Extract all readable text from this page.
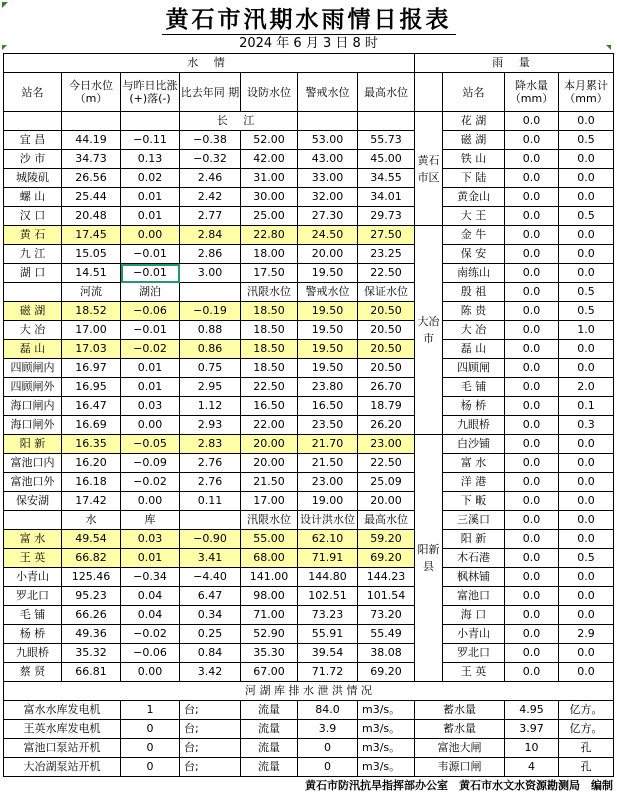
黄石市汛期水雨情日报表
2024 年 6 月 3 日 8 时
水 情							雨 量			
站名	今日水位（m）	与昨日比涨(+)落(-)	比去年同 期	设防水位	警戒水位	最高水位		站名	降水量（mm）	本月累计（mm）
			长 江				黄石市区	花 湖	0.0	0.0
宜 昌	44.19	−0.11	−0.38	52.00	53.00	55.73		磁 湖	0.0	0.5
沙 市	34.73	0.13	−0.32	42.00	43.00	45.00		铁 山	0.0	0.0
城陵矶	26.56	0.02	2.46	31.00	33.00	34.55		下 陆	0.0	0.0
螺 山	25.44	0.01	2.42	30.00	32.00	34.01		黄金山	0.0	0.0
汉 口	20.48	0.01	2.77	25.00	27.30	29.73		大 王	0.0	0.5
黄 石	17.45	0.00	2.84	22.80	24.50	27.50	大冶市	金 牛	0.0	0.0
九 江	15.05	−0.01	2.86	18.00	20.00	23.25		保 安	0.0	0.0
湖 口	14.51	−0.01	3.00	17.50	19.50	22.50		南练山	0.0	0.0
	河流	湖泊		汛限水位	警戒水位	保证水位		殷 祖	0.0	0.5
磁 湖	18.52	−0.06	−0.19	18.50	19.50	20.50		陈 贵	0.0	0.5
大 冶	17.00	−0.01	0.88	18.50	19.50	20.50		大 冶	0.0	1.0
磊 山	17.03	−0.02	0.86	18.50	19.50	20.50		磊 山	0.0	0.0
四顾闸内	16.97	0.01	0.75	18.50	19.50	20.50		四顾闸	0.0	0.0
四顾闸外	16.95	0.01	2.95	22.50	23.80	26.70		毛 铺	0.0	2.0
海口闸内	16.47	0.03	1.12	16.50	16.50	18.79		杨 桥	0.0	0.1
海口闸外	16.69	0.00	2.93	22.00	23.50	26.20		九眼桥	0.0	0.3
阳 新	16.35	−0.05	2.83	20.00	21.70	23.00	阳新县	白沙铺	0.0	0.0
富池口内	16.20	−0.09	2.76	20.00	21.50	22.50		富 水	0.0	0.0
富池口外	16.18	−0.02	2.76	21.50	23.00	25.09		洋 港	0.0	0.0
保安湖	17.42	0.00	0.11	17.00	19.00	20.00		下 畈	0.0	0.0
	水	库		汛限水位	设计洪水位	最高水位		三溪口	0.0	0.0
富 水	49.54	0.03	−0.90	55.00	62.10	59.20		阳 新	0.0	0.0
王 英	66.82	0.01	3.41	68.00	71.91	69.20		木石港	0.0	0.5
小青山	125.46	−0.34	−4.40	141.00	144.80	144.23		枫林铺	0.0	0.0
罗北口	95.23	0.04	6.47	98.00	102.51	101.54		富池口	0.0	0.0
毛 铺	66.26	0.04	0.34	71.00	73.23	73.20		海 口	0.0	0.0
杨 桥	49.36	−0.02	0.25	52.90	55.91	55.49		小青山	0.0	2.9
九眼桥	35.32	−0.06	0.84	35.30	39.54	38.08		罗北口	0.0	0.0
蔡 贤	66.81	0.00	3.42	67.00	71.72	69.20		王 英	0.0	0.0
河 湖 库 排 水 泄 洪 情 况										
富水水库发电机		1	台;	流量	84.0	m3/s。	蓄水量		4.95	亿方。
王英水库发电机		0	台;	流量	3.9	m3/s。	蓄水量		3.97	亿方。
富池口泵站开机		0	台;	流量	0	m3/s。	富池大闸		10	孔
大冶湖泵站开机		0	台;	流量	0	m3/s。	韦源口闸		4	孔
黄石市防汛抗旱指挥部办公室　黄石市水文水资源勘测局　编制
